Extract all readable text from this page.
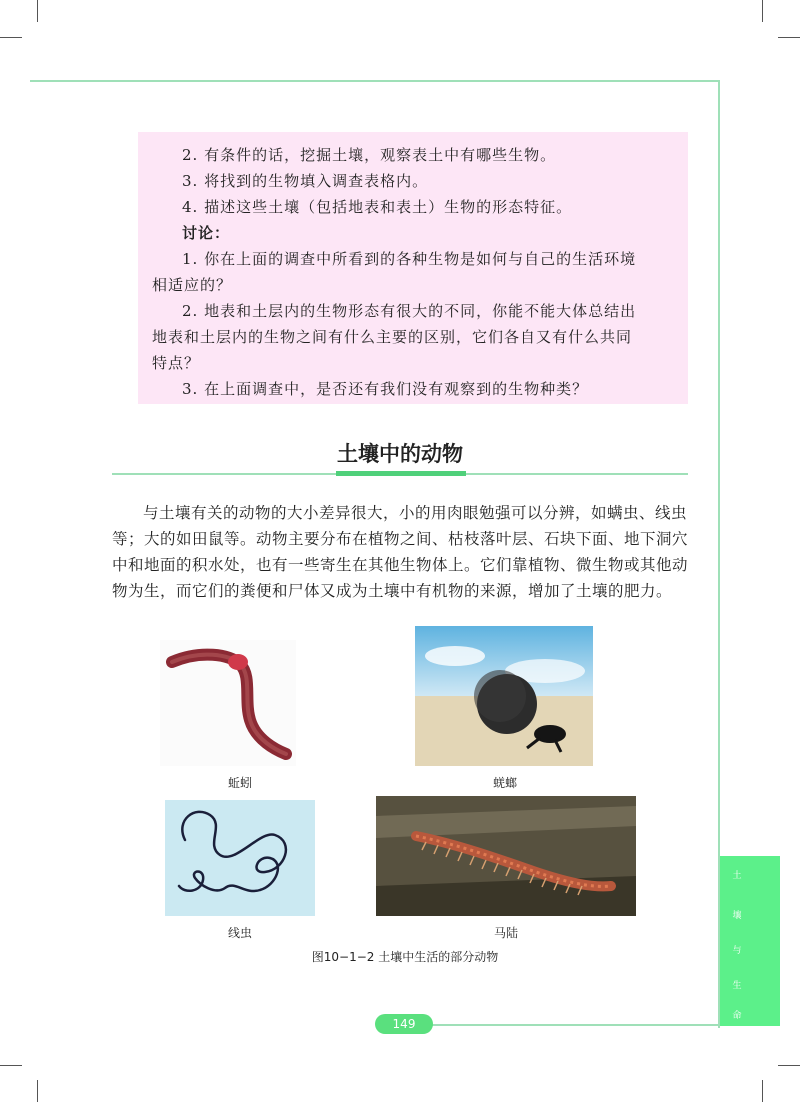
2. 有条件的话，挖掘土壤，观察表土中有哪些生物。

3. 将找到的生物填入调查表格内。

4. 描述这些土壤（包括地表和表土）生物的形态特征。

讨论：

1. 你在上面的调查中所看到的各种生物是如何与自己的生活环境

相适应的？

2. 地表和土层内的生物形态有很大的不同，你能不能大体总结出

地表和土层内的生物之间有什么主要的区别，它们各自又有什么共同

特点？

3. 在上面调查中，是否还有我们没有观察到的生物种类？

土壤中的动物

与土壤有关的动物的大小差异很大，小的用肉眼勉强可以分辨，如螨虫、线虫等；大的如田鼠等。动物主要分布在植物之间、枯枝落叶层、石块下面、地下洞穴中和地面的积水处，也有一些寄生在其他生物体上。它们靠植物、微生物或其他动物为生，而它们的粪便和尸体又成为土壤中有机物的来源，增加了土壤的肥力。

蚯蚓	蜣螂
线虫	马陆
图10−1−2 土壤中生活的部分动物
土
壤
与
生
命
149
